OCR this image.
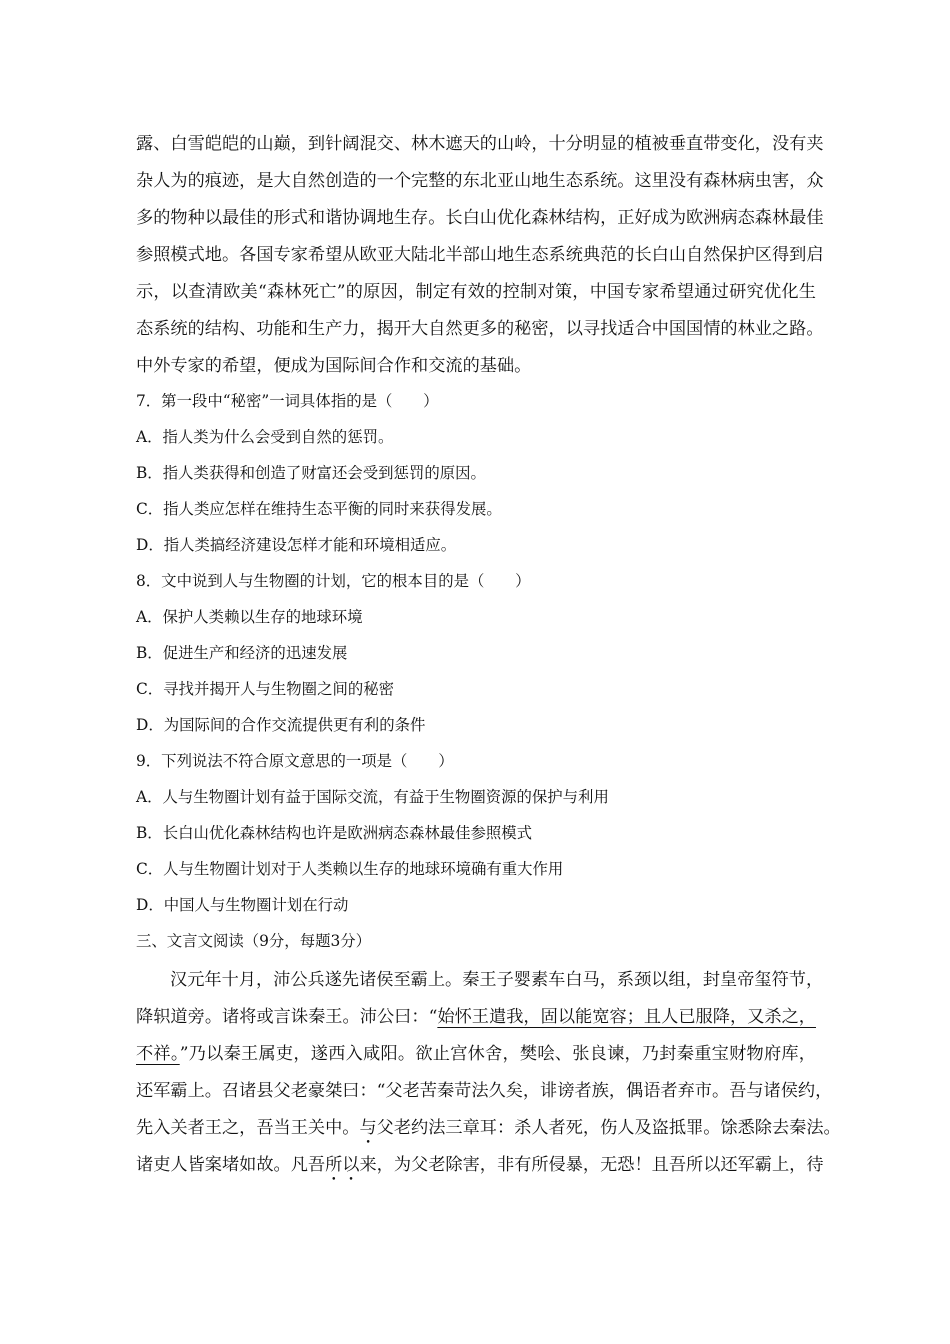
露、白雪皑皑的山巅，到针阔混交、林木遮天的山岭，十分明显的植被垂直带变化，没有夹
杂人为的痕迹，是大自然创造的一个完整的东北亚山地生态系统。这里没有森林病虫害，众
多的物种以最佳的形式和谐协调地生存。长白山优化森林结构，正好成为欧洲病态森林最佳
参照模式地。各国专家希望从欧亚大陆北半部山地生态系统典范的长白山自然保护区得到启
示，以查清欧美“森林死亡”的原因，制定有效的控制对策，中国专家希望通过研究优化生
态系统的结构、功能和生产力，揭开大自然更多的秘密，以寻找适合中国国情的林业之路。
中外专家的希望，便成为国际间合作和交流的基础。
7．第一段中“秘密”一词具体指的是（　　）
A．指人类为什么会受到自然的惩罚。
B．指人类获得和创造了财富还会受到惩罚的原因。
C．指人类应怎样在维持生态平衡的同时来获得发展。
D．指人类搞经济建设怎样才能和环境相适应。
8．文中说到人与生物圈的计划，它的根本目的是（　　）
A．保护人类赖以生存的地球环境
B．促进生产和经济的迅速发展
C．寻找并揭开人与生物圈之间的秘密
D．为国际间的合作交流提供更有利的条件
9．下列说法不符合原文意思的一项是（　　）
A．人与生物圈计划有益于国际交流，有益于生物圈资源的保护与利用
B．长白山优化森林结构也许是欧洲病态森林最佳参照模式
C．人与生物圈计划对于人类赖以生存的地球环境确有重大作用
D．中国人与生物圈计划在行动
三、文言文阅读（9分，每题3分）
汉元年十月，沛公兵遂先诸侯至霸上。秦王子婴素车白马，系颈以组，封皇帝玺符节，
降轵道旁。诸将或言诛秦王。沛公曰：“始怀王遣我，固以能宽容；且人已服降，又杀之，
不祥。”乃以秦王属吏，遂西入咸阳。欲止宫休舍，樊哙、张良谏，乃封秦重宝财物府库，
还军霸上。召诸县父老豪桀曰：“父老苦秦苛法久矣，诽谤者族，偶语者弃市。吾与诸侯约，
先入关者王之，吾当王关中。与父老约法三章耳：杀人者死，伤人及盗抵罪。馀悉除去秦法。
诸吏人皆案堵如故。凡吾所以来，为父老除害，非有所侵暴，无恐！且吾所以还军霸上，待
